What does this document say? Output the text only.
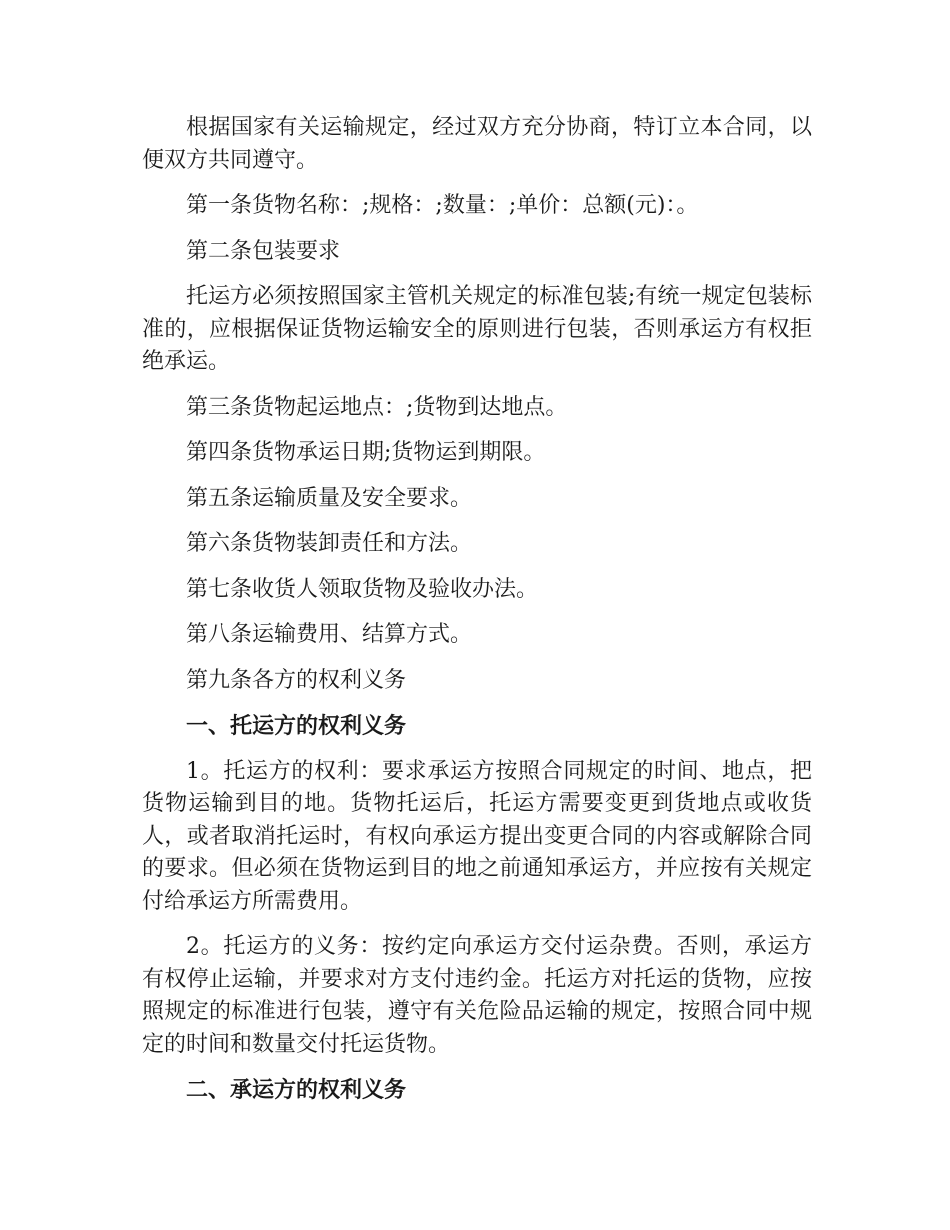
根据国家有关运输规定，经过双方充分协商，特订立本合同，以便双方共同遵守。

第一条货物名称：;规格：;数量：;单价：总额(元)：。

第二条包装要求

托运方必须按照国家主管机关规定的标准包装;有统一规定包装标准的，应根据保证货物运输安全的原则进行包装，否则承运方有权拒绝承运。

第三条货物起运地点：;货物到达地点。

第四条货物承运日期;货物运到期限。

第五条运输质量及安全要求。

第六条货物装卸责任和方法。

第七条收货人领取货物及验收办法。

第八条运输费用、结算方式。

第九条各方的权利义务

一、托运方的权利义务

1。托运方的权利：要求承运方按照合同规定的时间、地点，把货物运输到目的地。货物托运后，托运方需要变更到货地点或收货人，或者取消托运时，有权向承运方提出变更合同的内容或解除合同的要求。但必须在货物运到目的地之前通知承运方，并应按有关规定付给承运方所需费用。

2。托运方的义务：按约定向承运方交付运杂费。否则，承运方有权停止运输，并要求对方支付违约金。托运方对托运的货物，应按照规定的标准进行包装，遵守有关危险品运输的规定，按照合同中规定的时间和数量交付托运货物。

二、承运方的权利义务
